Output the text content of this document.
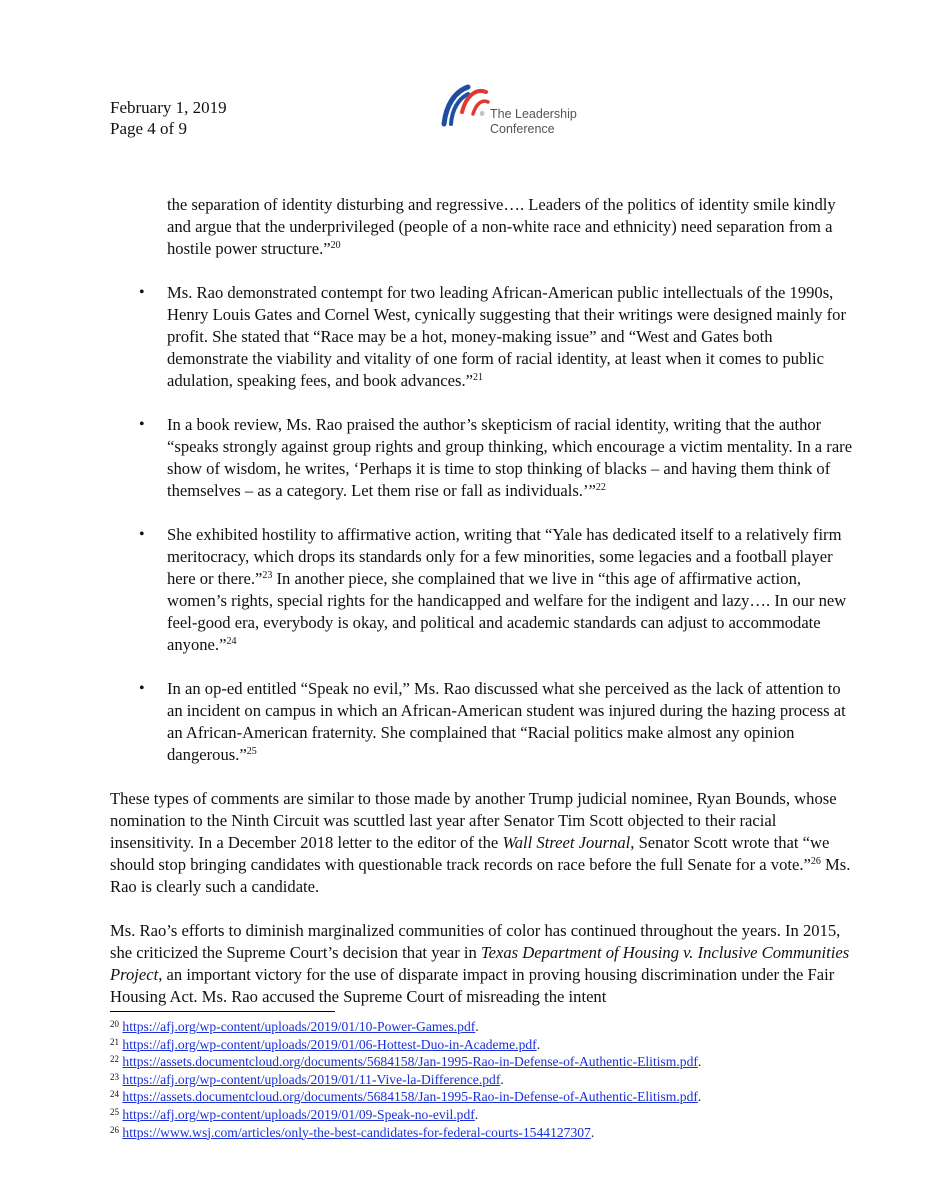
February 1, 2019
Page 4 of 9
® The Leadership
Conference
the separation of identity disturbing and regressive…. Leaders of the politics of identity smile kindly and argue that the underprivileged (people of a non-white race and ethnicity) need separation from a hostile power structure.”$^{20}$
• Ms. Rao demonstrated contempt for two leading African-American public intellectuals of the 1990s, Henry Louis Gates and Cornel West, cynically suggesting that their writings were designed mainly for profit. She stated that “Race may be a hot, money-making issue” and “West and Gates both demonstrate the viability and vitality of one form of racial identity, at least when it comes to public adulation, speaking fees, and book advances.”$^{21}$
• In a book review, Ms. Rao praised the author’s skepticism of racial identity, writing that the author “speaks strongly against group rights and group thinking, which encourage a victim mentality. In a rare show of wisdom, he writes, ‘Perhaps it is time to stop thinking of blacks – and having them think of themselves – as a category. Let them rise or fall as individuals.’”$^{22}$
• She exhibited hostility to affirmative action, writing that “Yale has dedicated itself to a relatively firm meritocracy, which drops its standards only for a few minorities, some legacies and a football player here or there.”$^{23}$ In another piece, she complained that we live in “this age of affirmative action, women’s rights, special rights for the handicapped and welfare for the indigent and lazy…. In our new feel-good era, everybody is okay, and political and academic standards can adjust to accommodate anyone.”$^{24}$
• In an op-ed entitled “Speak no evil,” Ms. Rao discussed what she perceived as the lack of attention to an incident on campus in which an African-American student was injured during the hazing process at an African-American fraternity. She complained that “Racial politics make almost any opinion dangerous.”$^{25}$

These types of comments are similar to those made by another Trump judicial nominee, Ryan Bounds, whose nomination to the Ninth Circuit was scuttled last year after Senator Tim Scott objected to their racial insensitivity. In a December 2018 letter to the editor of the Wall Street Journal, Senator Scott wrote that “we should stop bringing candidates with questionable track records on race before the full Senate for a vote.”$^{26}$ Ms. Rao is clearly such a candidate.

Ms. Rao’s efforts to diminish marginalized communities of color has continued throughout the years. In 2015, she criticized the Supreme Court’s decision that year in Texas Department of Housing v. Inclusive Communities Project, an important victory for the use of disparate impact in proving housing discrimination under the Fair Housing Act. Ms. Rao accused the Supreme Court of misreading the intent

$^{20}$ https://afj.org/wp-content/uploads/2019/01/10-Power-Games.pdf.
$^{21}$ https://afj.org/wp-content/uploads/2019/01/06-Hottest-Duo-in-Academe.pdf.
$^{22}$ https://assets.documentcloud.org/documents/5684158/Jan-1995-Rao-in-Defense-of-Authentic-Elitism.pdf.
$^{23}$ https://afj.org/wp-content/uploads/2019/01/11-Vive-la-Difference.pdf.
$^{24}$ https://assets.documentcloud.org/documents/5684158/Jan-1995-Rao-in-Defense-of-Authentic-Elitism.pdf.
$^{25}$ https://afj.org/wp-content/uploads/2019/01/09-Speak-no-evil.pdf.
$^{26}$ https://www.wsj.com/articles/only-the-best-candidates-for-federal-courts-1544127307.
